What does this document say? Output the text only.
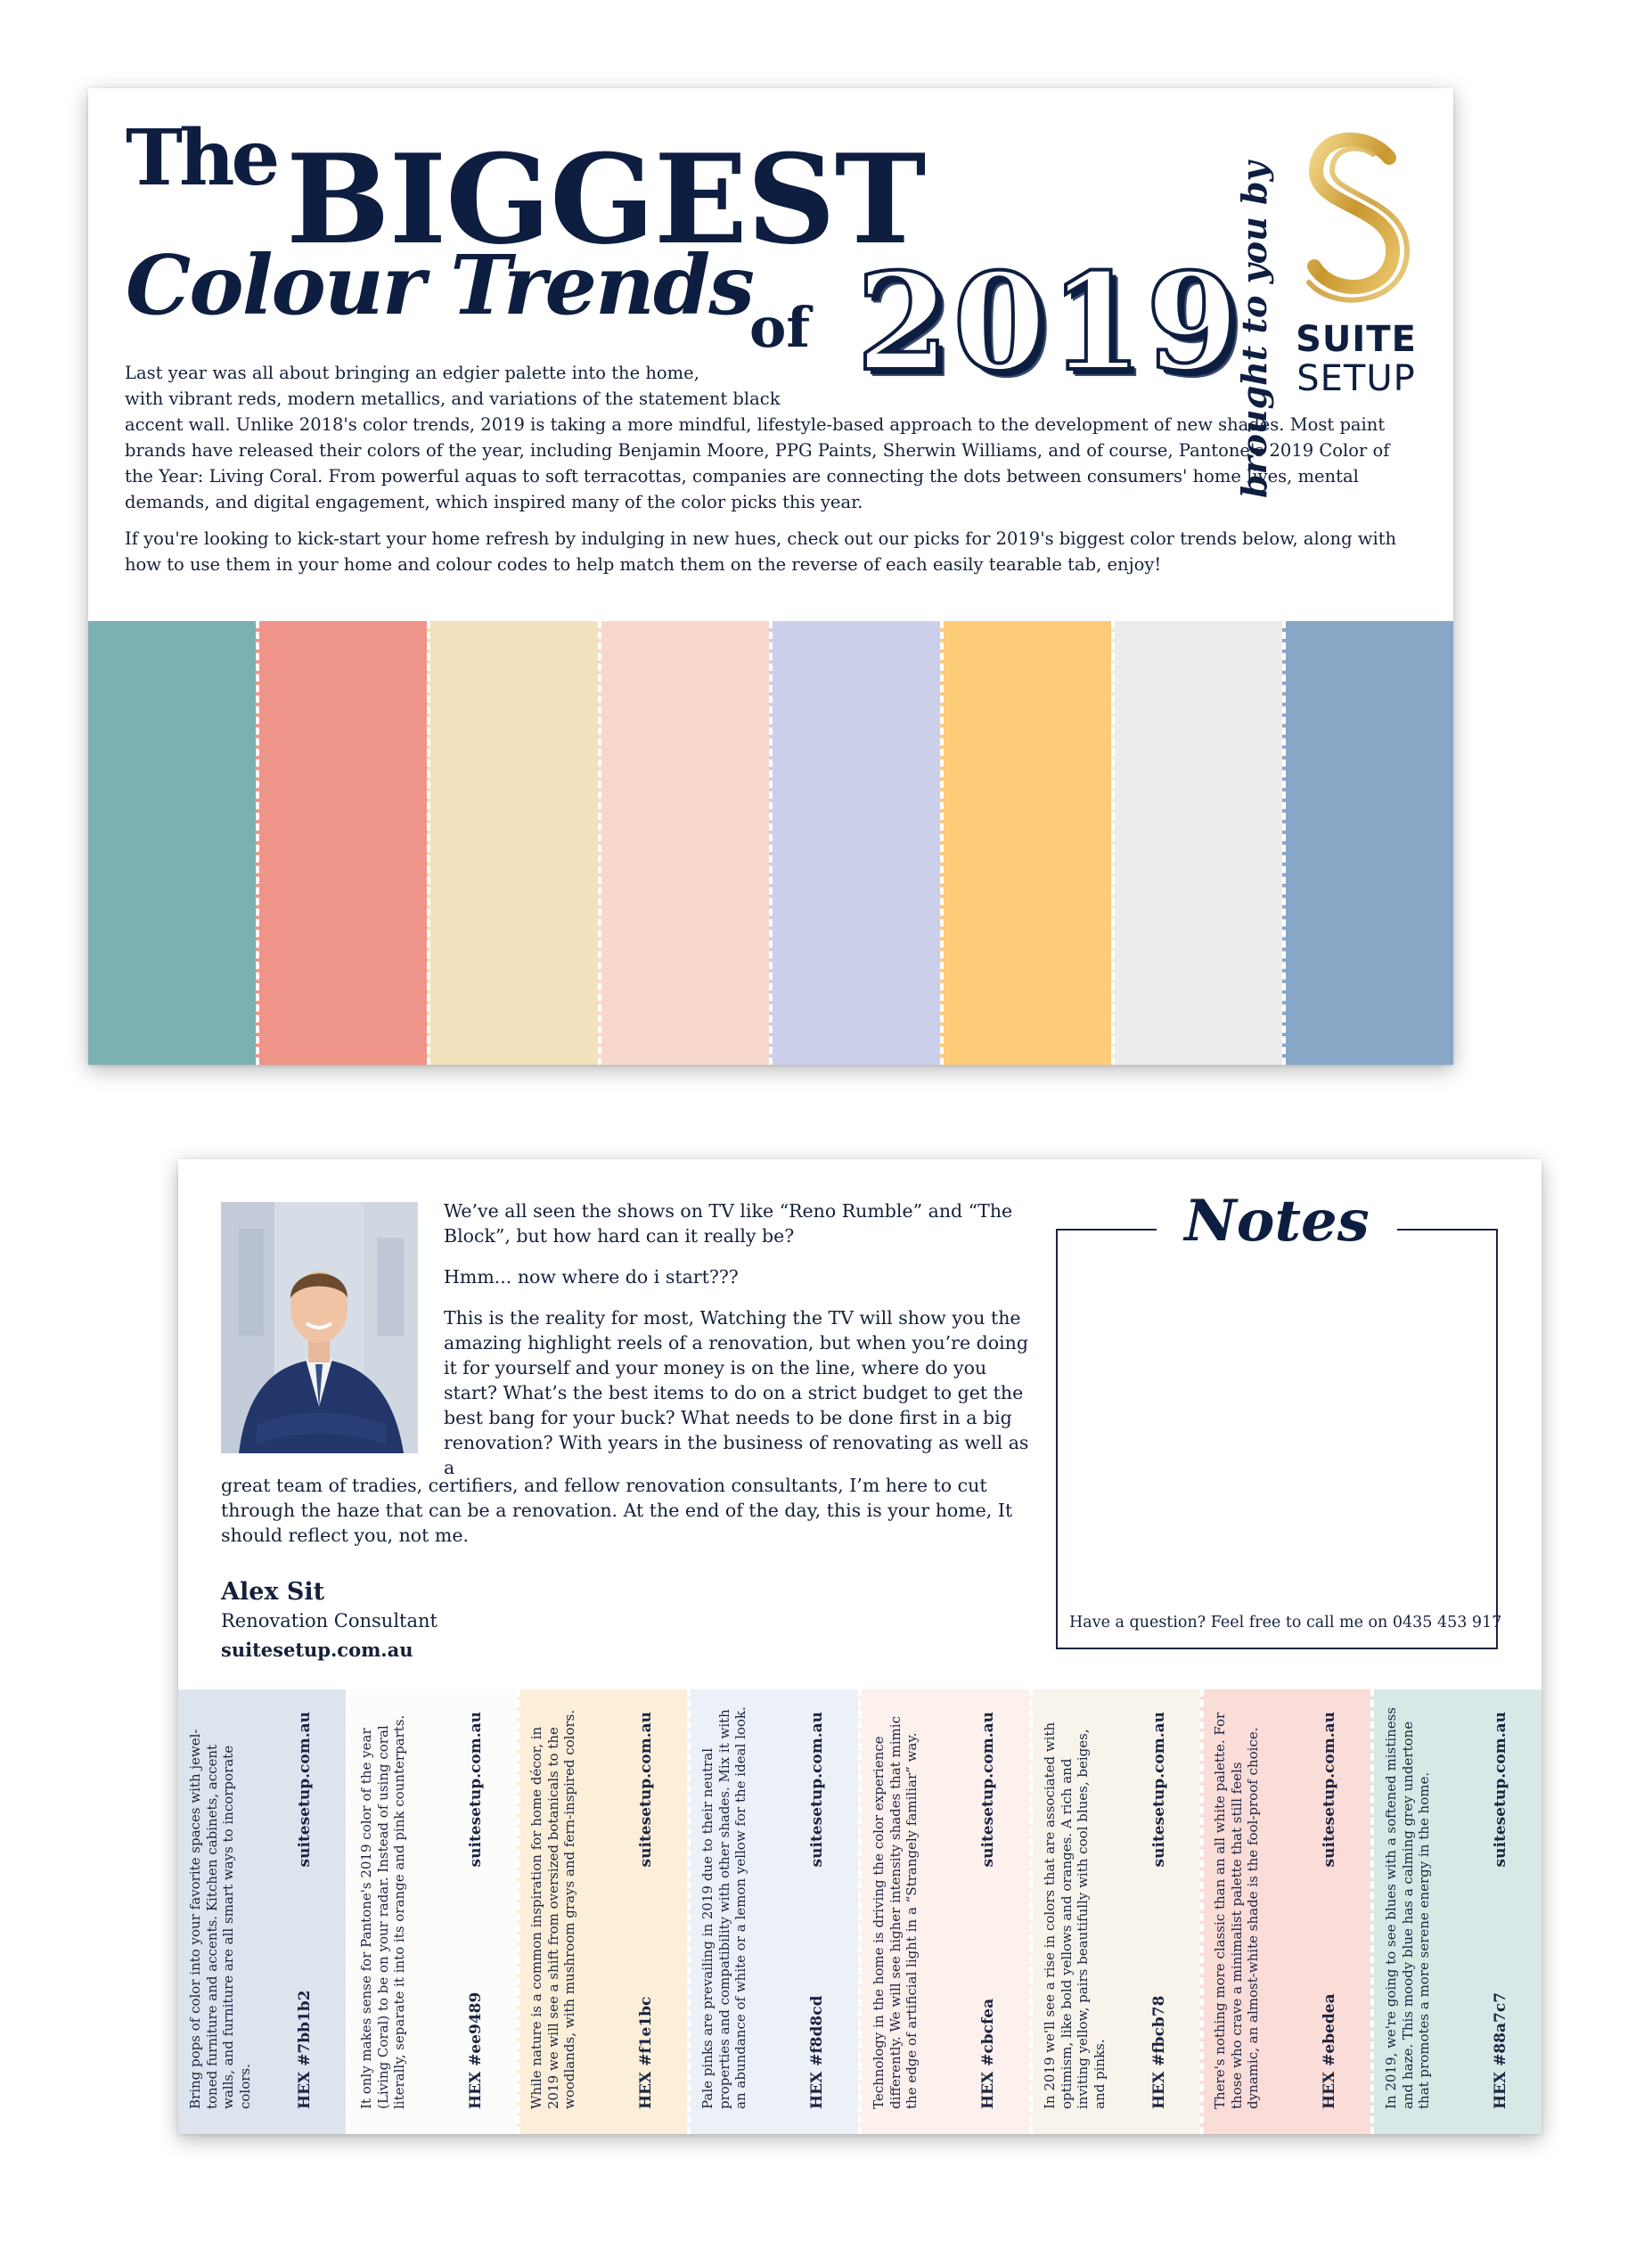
The BIGGEST
Colour Trends
of 2019
brought to you by SUITE
SETUP

Last year was all about bringing an edgier palette into the home,
with vibrant reds, modern metallics, and variations of the statement black
accent wall. Unlike 2018's color trends, 2019 is taking a more mindful, lifestyle-based approach to the development of new shades. Most paint brands have released their colors of the year, including Benjamin Moore, PPG Paints, Sherwin Williams, and of course, Pantone's 2019 Color of the Year: Living Coral. From powerful aquas to soft terracottas, companies are connecting the dots between consumers' home lives, mental demands, and digital engagement, which inspired many of the color picks this year.

If you're looking to kick-start your home refresh by indulging in new hues, check out our picks for 2019's biggest color trends below, along with how to use them in your home and colour codes to help match them on the reverse of each easily tearable tab, enjoy!

We’ve all seen the shows on TV like “Reno Rumble” and “The Block”, but how hard can it really be?

Hmm... now where do i start???

This is the reality for most, Watching the TV will show you the amazing highlight reels of a renovation, but when you’re doing it for yourself and your money is on the line, where do you start? What’s the best items to do on a strict budget to get the best bang for your buck? What needs to be done first in a big renovation? With years in the business of renovating as well as a

great team of tradies, certifiers, and fellow renovation consultants, I’m here to cut through the haze that can be a renovation. At the end of the day, this is your home, It should reflect you, not me.

Alex Sit
Renovation Consultant
suitesetup.com.au
Notes
Have a question? Feel free to call me on 0435 453 917
Bring pops of color into your favorite spaces with jewel-toned furniture and accents. Kitchen cabinets, accent walls, and furniture are all smart ways to incorporate colors.	HEX #7bb1b2
suitesetup.com.au	It only makes sense for Pantone's 2019 color of the year (Living Coral) to be on your radar. Instead of using coral literally, separate it into its orange and pink counterparts.	HEX #ee9489
suitesetup.com.au	While nature is a common inspiration for home décor, in 2019 we will see a shift from oversized botanicals to the woodlands, with mushroom grays and fern-inspired colors.	HEX #f1e1bc
suitesetup.com.au	Pale pinks are prevailing in 2019 due to their neutral properties and compatibility with other shades. Mix it with an abundance of white or a lemon yellow for the ideal look.	HEX #f8d8cd
suitesetup.com.au	Technology in the home is driving the color experience differently. We will see higher intensity shades that mimic the edge of artificial light in a “Strangely familiar” way.	HEX #cbcfea
suitesetup.com.au	In 2019 we'll see a rise in colors that are associated with optimism, like bold yellows and oranges. A rich and inviting yellow, pairs beautifully with cool blues, beiges, and pinks.	HEX #fbcb78
suitesetup.com.au	There's nothing more classic than an all white palette. For those who crave a minimalist palette that still feels dynamic, an almost-white shade is the fool-proof choice.	HEX #ebedea
suitesetup.com.au	In 2019, we're going to see blues with a softened mistiness and haze. This moody blue has a calming grey undertone that promotes a more serene energy in the home.	HEX #88a7c7
suitesetup.com.au
